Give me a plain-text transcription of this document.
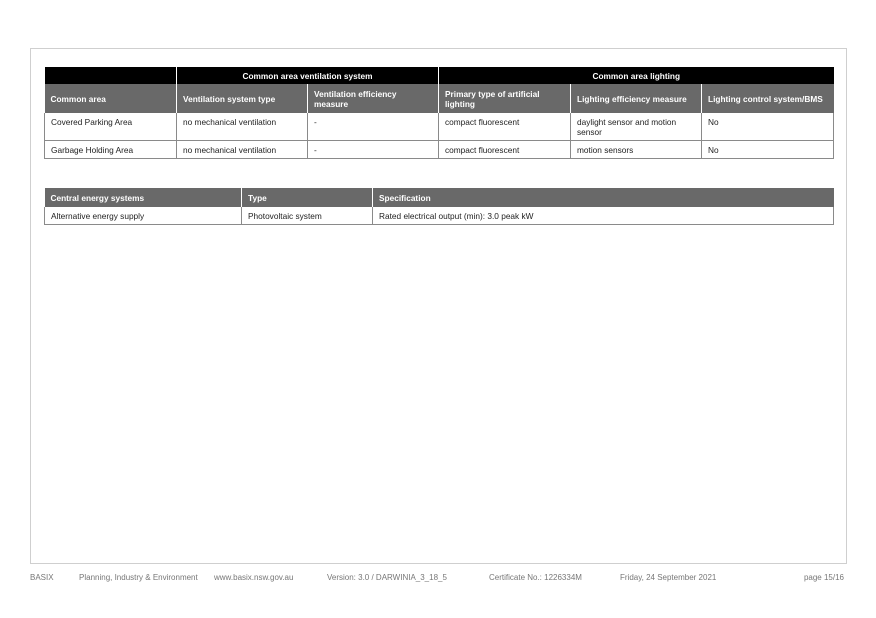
	Common area ventilation system		Common area lighting		
Common area	Ventilation system type	Ventilation efficiency measure	Primary type of artificial lighting	Lighting efficiency measure	Lighting control system/BMS
Covered Parking Area	no mechanical ventilation	-	compact fluorescent	daylight sensor and motion sensor	No
Garbage Holding Area	no mechanical ventilation	-	compact fluorescent	motion sensors	No
Central energy systems	Type	Specification
Alternative energy supply	Photovoltaic system	Rated electrical output (min): 3.0 peak kW
BASIX	Planning, Industry & Environment www.basix.nsw.gov.au	Version: 3.0 / DARWINIA_3_18_5	Certificate No.: 1226334M	Friday, 24 September 2021	page 15/16
